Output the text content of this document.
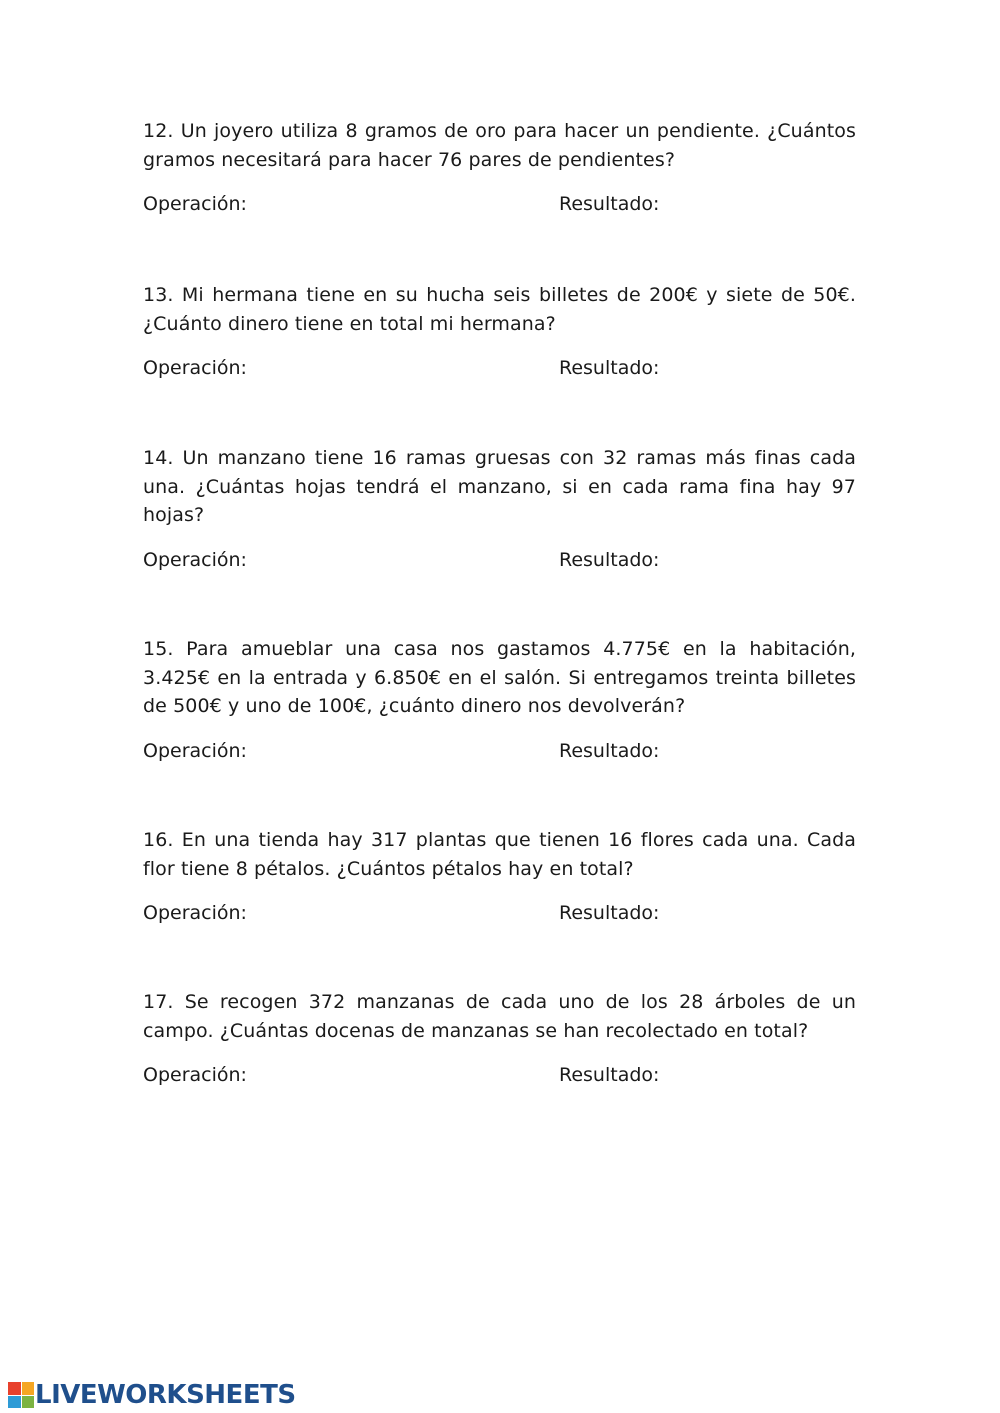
12. Un joyero utiliza 8 gramos de oro para hacer un pendiente. ¿Cuántos gramos necesitará para hacer 76 pares de pendientes?

Operación:	Resultado:

13. Mi hermana tiene en su hucha seis billetes de 200€ y siete de 50€. ¿Cuánto dinero tiene en total mi hermana?

Operación:	Resultado:

14. Un manzano tiene 16 ramas gruesas con 32 ramas más finas cada una. ¿Cuántas hojas tendrá el manzano, si en cada rama fina hay 97 hojas?

Operación:	Resultado:

15. Para amueblar una casa nos gastamos 4.775€ en la habitación, 3.425€ en la entrada y 6.850€ en el salón. Si entregamos treinta billetes de 500€ y uno de 100€, ¿cuánto dinero nos devolverán?

Operación:	Resultado:

16. En una tienda hay 317 plantas que tienen 16 flores cada una. Cada flor tiene 8 pétalos. ¿Cuántos pétalos hay en total?

Operación:	Resultado:

17. Se recogen 372 manzanas de cada uno de los 28 árboles de un campo. ¿Cuántas docenas de manzanas se han recolectado en total?

Operación:	Resultado:
LIVEWORKSHEETS
